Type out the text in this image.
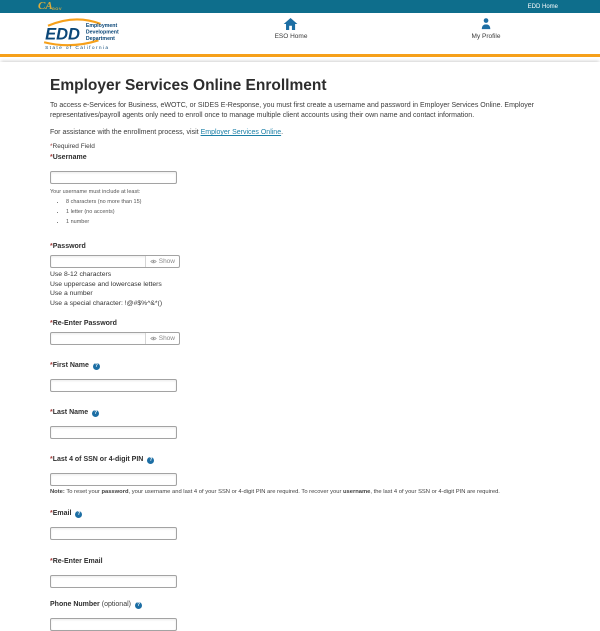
CA GOV	EDD Home
EDD Employment
Development
Department
State of California
ESO Home	My Profile
Employer Services Online Enrollment

To access e-Services for Business, eWOTC, or SIDES E-Response, you must first create a username and password in Employer Services Online. Employer representatives/payroll agents only need to enroll once to manage multiple client accounts using their own name and contact information.

For assistance with the enrollment process, visit Employer Services Online.

*Required Field

* Username
Your username must include at least:
• 8 characters (no more than 15)
• 1 letter (no accents)
• 1 number
* Password
Show
Use 8-12 characters
Use uppercase and lowercase letters
Use a number
Use a special character: !@#$%^&*()
* Re-Enter Password
Show
* First Name	?
* Last Name	?
* Last 4 of SSN or 4-digit PIN	?
Note: To reset your password, your username and last 4 of your SSN or 4-digit PIN are required. To recover your username, the last 4 of your SSN or 4-digit PIN are required.
* Email	?
* Re-Enter Email
Phone Number (optional)	?
